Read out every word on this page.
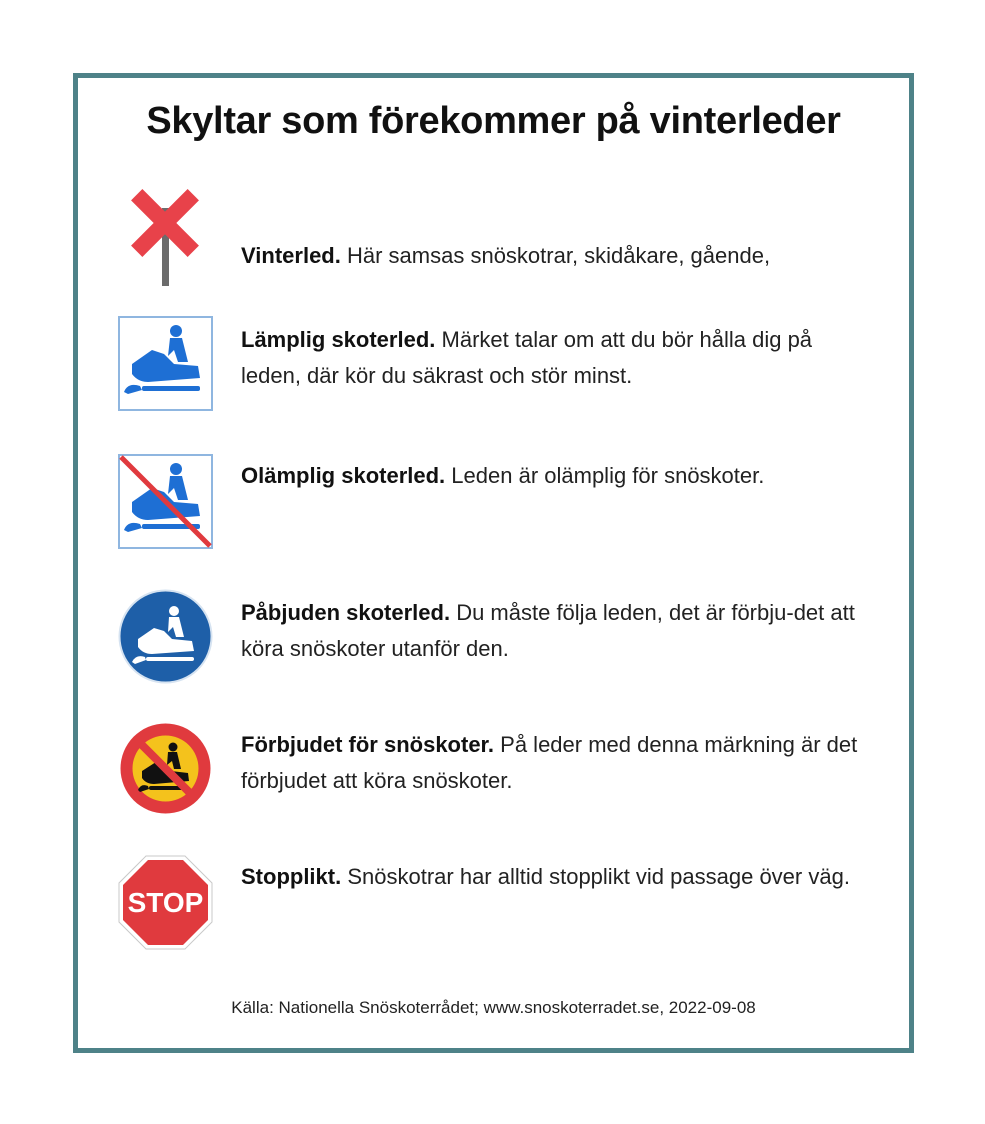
Skyltar som förekommer på vinterleder
Vinterled. Här samsas snöskotrar, skidåkare, gående,
Lämplig skoterled. Märket talar om att du bör hålla dig på leden, där kör du säkrast och stör minst.
Olämplig skoterled. Leden är olämplig för snöskoter.
Påbjuden skoterled. Du måste följa leden, det är förbju-det att köra snöskoter utanför den.
Förbjudet för snöskoter. På leder med denna märkning är det förbjudet att köra snöskoter.
STOP
Stopplikt. Snöskotrar har alltid stopplikt vid passage över väg.
Källa: Nationella Snöskoterrådet; www.snoskoterradet.se, 2022-09-08
